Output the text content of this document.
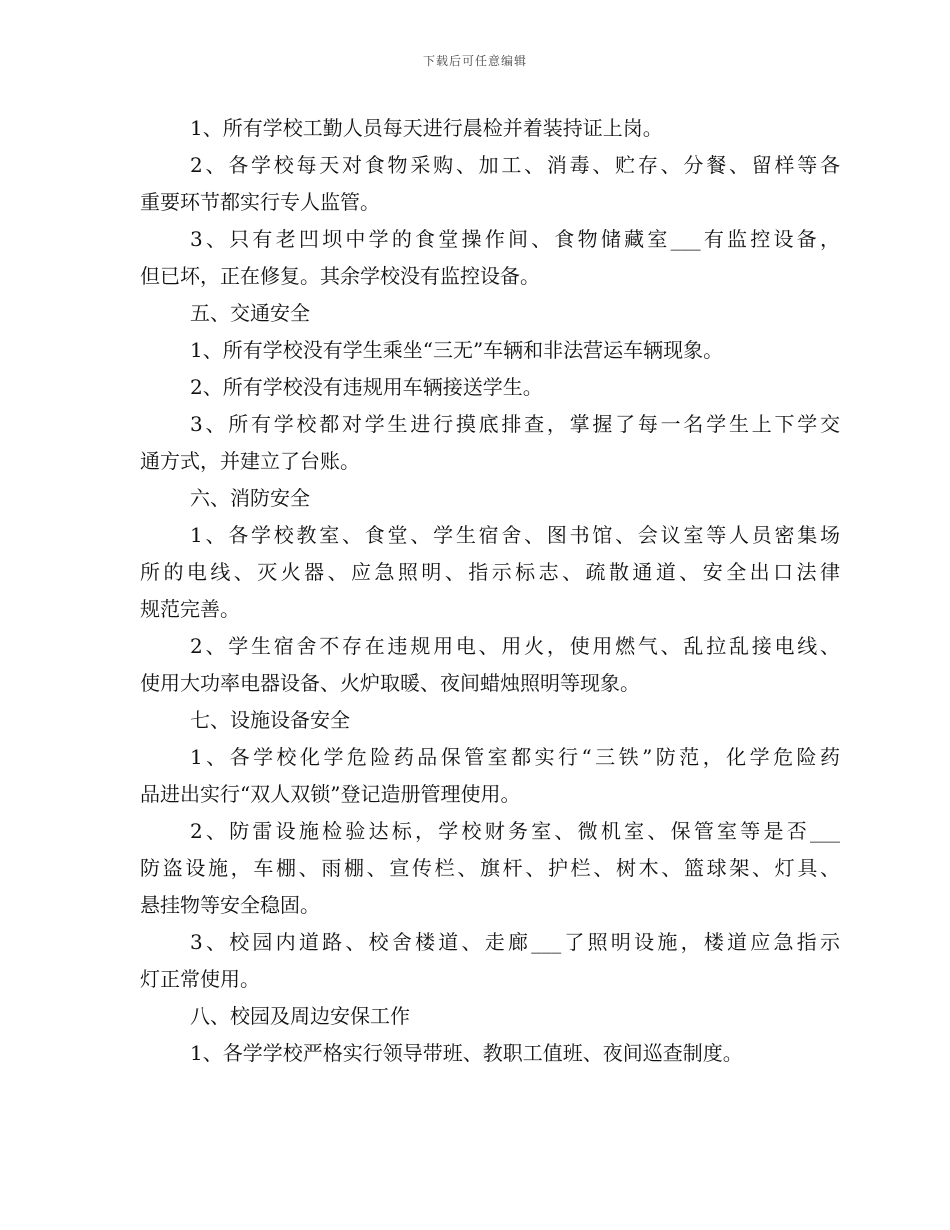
下载后可任意编辑
1、所有学校工勤人员每天进行晨检并着装持证上岗。
2、各学校每天对食物采购、加工、消毒、贮存、分餐、留样等各
重要环节都实行专人监管。
3、只有老凹坝中学的食堂操作间、食物储藏室___有监控设备，
但已坏，正在修复。其余学校没有监控设备。
五、交通安全
1、所有学校没有学生乘坐“三无”车辆和非法营运车辆现象。
2、所有学校没有违规用车辆接送学生。
3、所有学校都对学生进行摸底排查，掌握了每一名学生上下学交
通方式，并建立了台账。
六、消防安全
1、各学校教室、食堂、学生宿舍、图书馆、会议室等人员密集场
所的电线、灭火器、应急照明、指示标志、疏散通道、安全出口法律
规范完善。
2、学生宿舍不存在违规用电、用火，使用燃气、乱拉乱接电线、
使用大功率电器设备、火炉取暖、夜间蜡烛照明等现象。
七、设施设备安全
1、各学校化学危险药品保管室都实行“三铁”防范，化学危险药
品进出实行“双人双锁”登记造册管理使用。
2、防雷设施检验达标，学校财务室、微机室、保管室等是否___
防盗设施，车棚、雨棚、宣传栏、旗杆、护栏、树木、篮球架、灯具、
悬挂物等安全稳固。
3、校园内道路、校舍楼道、走廊___了照明设施，楼道应急指示
灯正常使用。
八、校园及周边安保工作
1、各学学校严格实行领导带班、教职工值班、夜间巡查制度。
